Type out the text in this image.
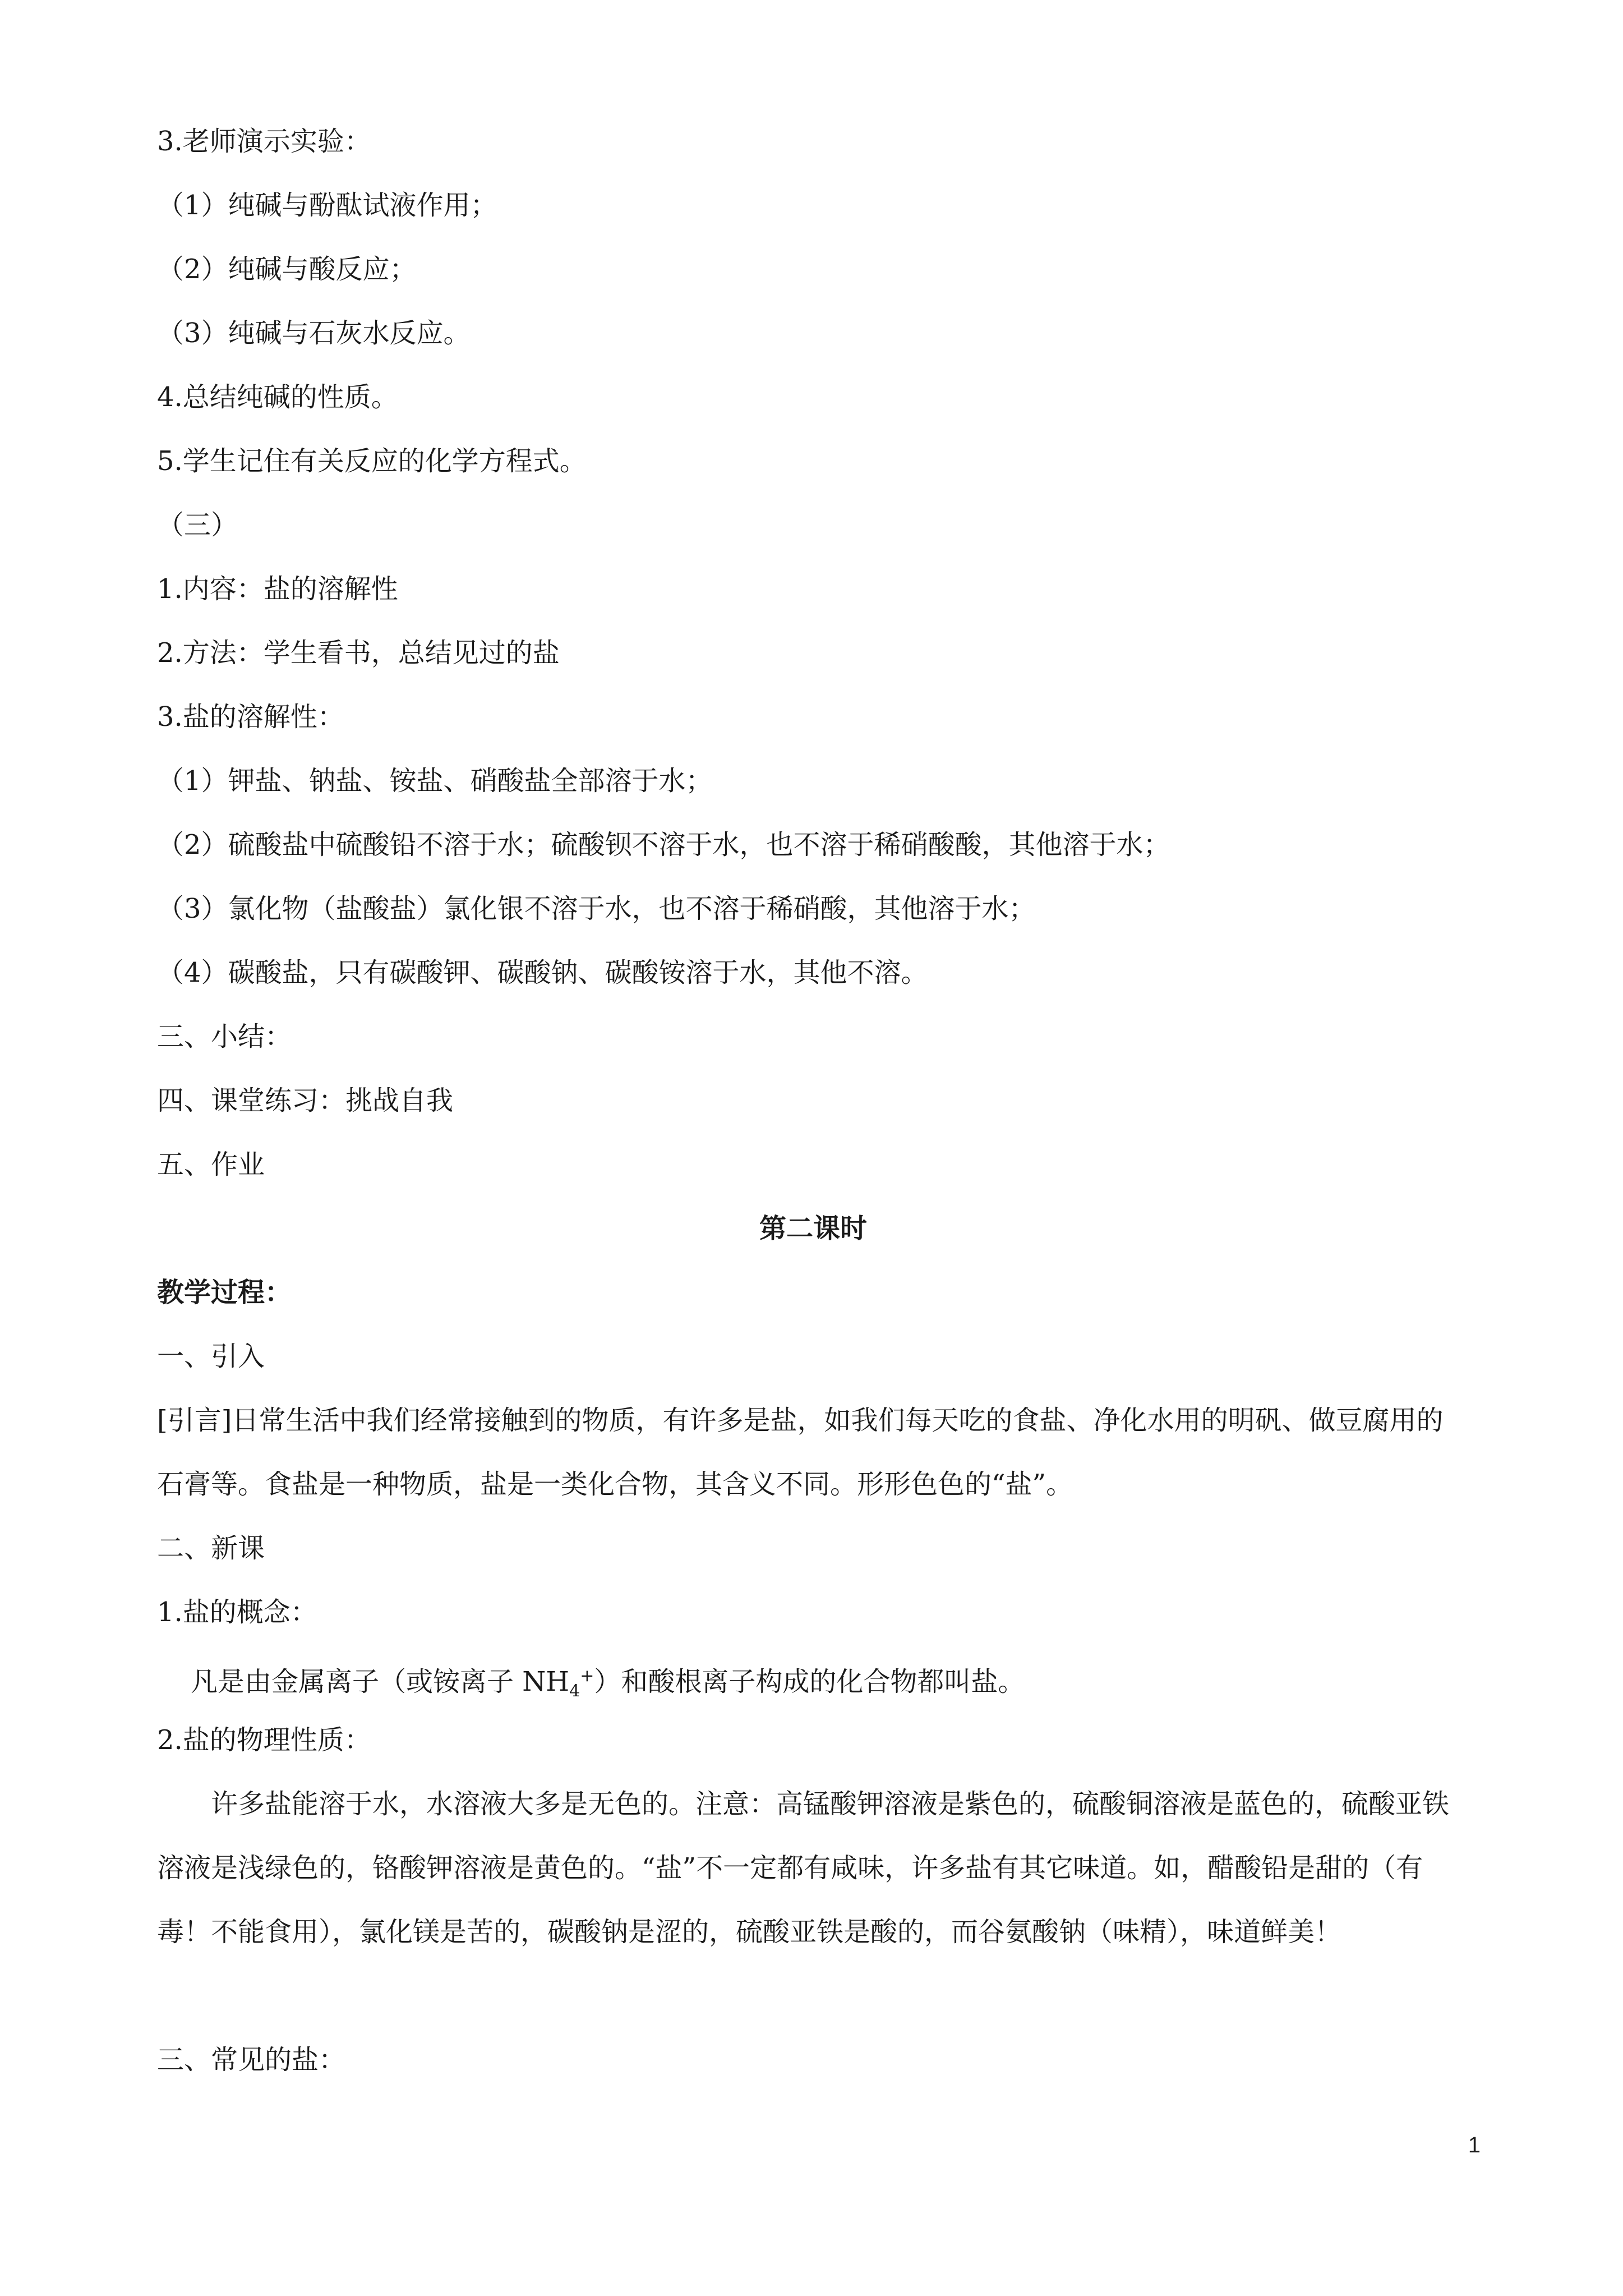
3.老师演示实验：

（1）纯碱与酚酞试液作用；

（2）纯碱与酸反应；

（3）纯碱与石灰水反应。

4.总结纯碱的性质。

5.学生记住有关反应的化学方程式。

（三）

1.内容：盐的溶解性

2.方法：学生看书，总结见过的盐

3.盐的溶解性：

（1）钾盐、钠盐、铵盐、硝酸盐全部溶于水；

（2）硫酸盐中硫酸铅不溶于水；硫酸钡不溶于水，也不溶于稀硝酸酸，其他溶于水；

（3）氯化物（盐酸盐）氯化银不溶于水，也不溶于稀硝酸，其他溶于水；

（4）碳酸盐，只有碳酸钾、碳酸钠、碳酸铵溶于水，其他不溶。

三、小结：

四、课堂练习：挑战自我

五、作业

第二课时

教学过程：

一、引入

[引言]日常生活中我们经常接触到的物质，有许多是盐，如我们每天吃的食盐、净化水用的明矾、做豆腐用的石膏等。食盐是一种物质，盐是一类化合物，其含义不同。形形色色的“盐”。

二、新课

1.盐的概念：

凡是由金属离子（或铵离子 $NH_4^+$）和酸根离子构成的化合物都叫盐。

2.盐的物理性质：

许多盐能溶于水，水溶液大多是无色的。注意：高锰酸钾溶液是紫色的，硫酸铜溶液是蓝色的，硫酸亚铁溶液是浅绿色的，铬酸钾溶液是黄色的。“盐”不一定都有咸味，许多盐有其它味道。如，醋酸铅是甜的（有毒！不能食用），氯化镁是苦的，碳酸钠是涩的，硫酸亚铁是酸的，而谷氨酸钠（味精），味道鲜美！

三、常见的盐：

1
